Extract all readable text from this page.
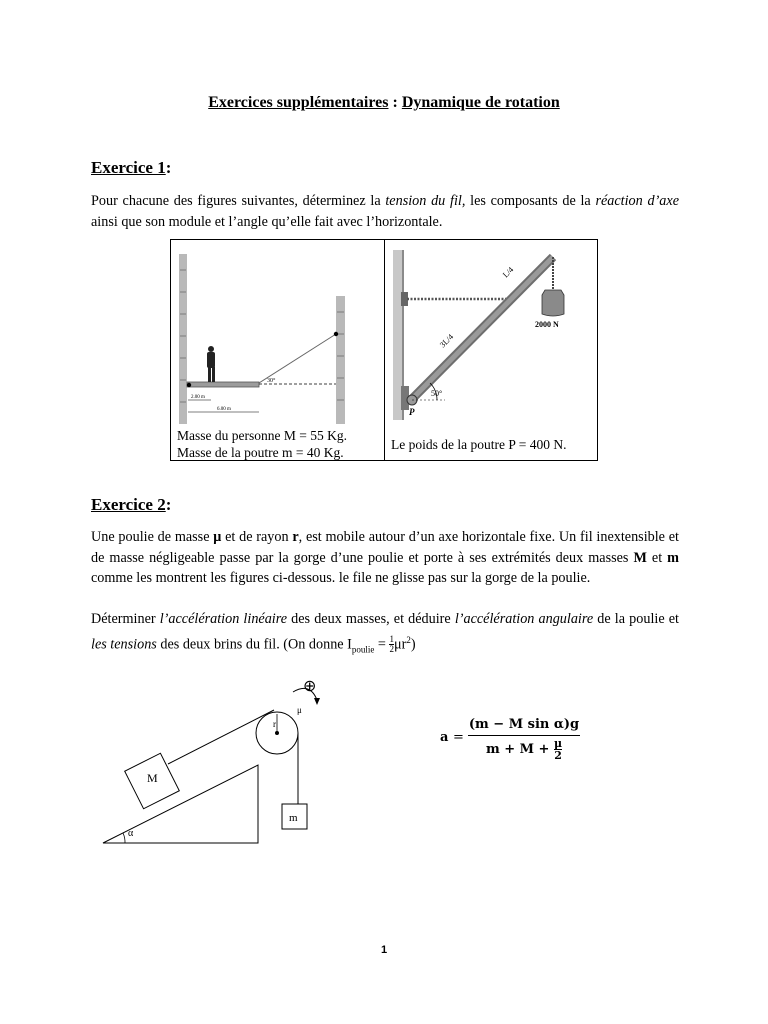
Exercices supplémentaires : Dynamique de rotation
Exercice 1:
Pour chacune des figures suivantes, déterminez la tension du fil, les composants de la réaction d’axe ainsi que son module et l’angle qu’elle fait avec l’horizontale.
30°
2.00 m
6.00 m
Masse du personne M = 55 Kg.
Masse de la poutre m = 40 Kg.
P
50°
L/4
3L/4
2000 N
Le poids de la poutre P = 400 N.
Exercice 2:
Une poulie de masse μ et de rayon r, est mobile autour d’un axe horizontale fixe. Un fil inextensible et de masse négligeable passe par la gorge d’une poulie et porte à ses extrémités deux masses M et m comme les montrent les figures ci-dessous. le file ne glisse pas sur la gorge de la poulie.
Déterminer l’accélération linéaire des deux masses, et déduire l’accélération angulaire de la poulie et les tensions des deux brins du fil. (On donne $I_{poulie} = \frac{1}{2} \mu r^2$)
α
M
r
m
μ
⊕
$a = \frac{\text{(m − M sin α)g}}{m + M + \frac{\mu}{2}}$
1
